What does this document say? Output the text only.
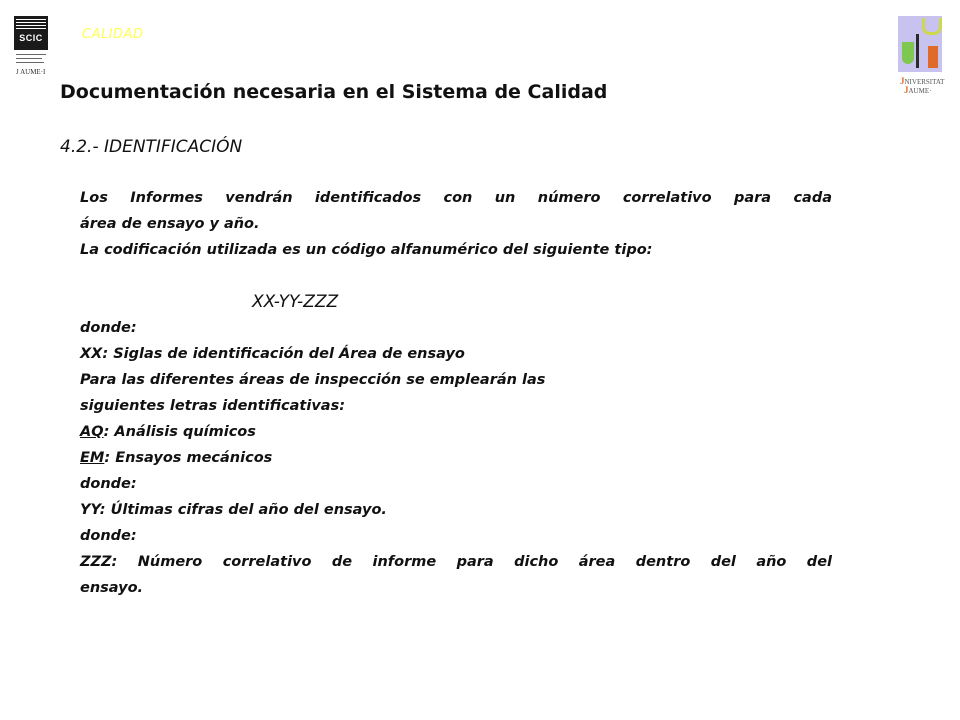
SCIC
J AUME·I
CALIDAD
JNIVERSITAT
JAUME·
Documentación necesaria en el Sistema de Calidad
4.2.- IDENTIFICACIÓN
Los Informes vendrán identificados con un número correlativo para cada
área de ensayo y año.
La codificación utilizada es un código alfanumérico del siguiente tipo:
XX-YY-ZZZ
donde:
XX: Siglas de identificación del Área de ensayo
Para las diferentes áreas de inspección se emplearán las
siguientes letras identificativas:
AQ: Análisis químicos
EM: Ensayos mecánicos
donde:
YY: Últimas cifras del año del ensayo.
donde:
ZZZ: Número correlativo de informe para dicho área dentro del año del
ensayo.
